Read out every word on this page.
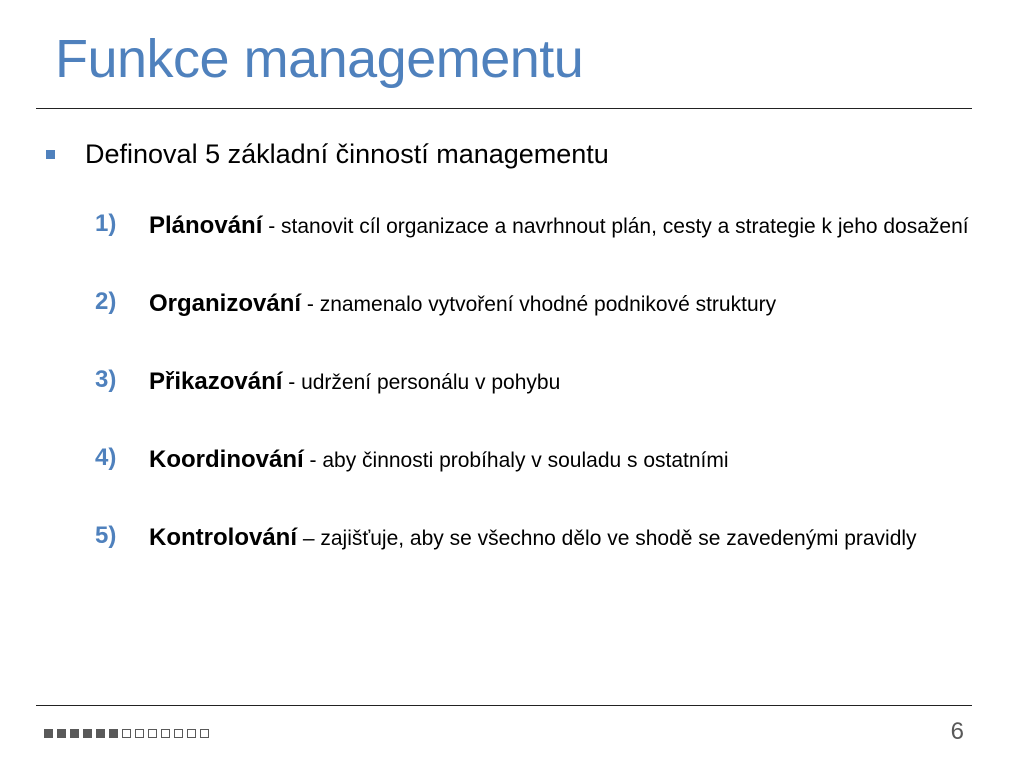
Funkce managementu
Definoval 5 základní činností managementu
1)	Plánování - stanovit cíl organizace a navrhnout plán, cesty a strategie k jeho dosažení
2)	Organizování - znamenalo vytvoření vhodné podnikové struktury
3)	Přikazování - udržení personálu v pohybu
4)	Koordinování - aby činnosti probíhaly v souladu s ostatními
5)	Kontrolování – zajišťuje, aby se všechno dělo ve shodě se zavedenými pravidly
6
